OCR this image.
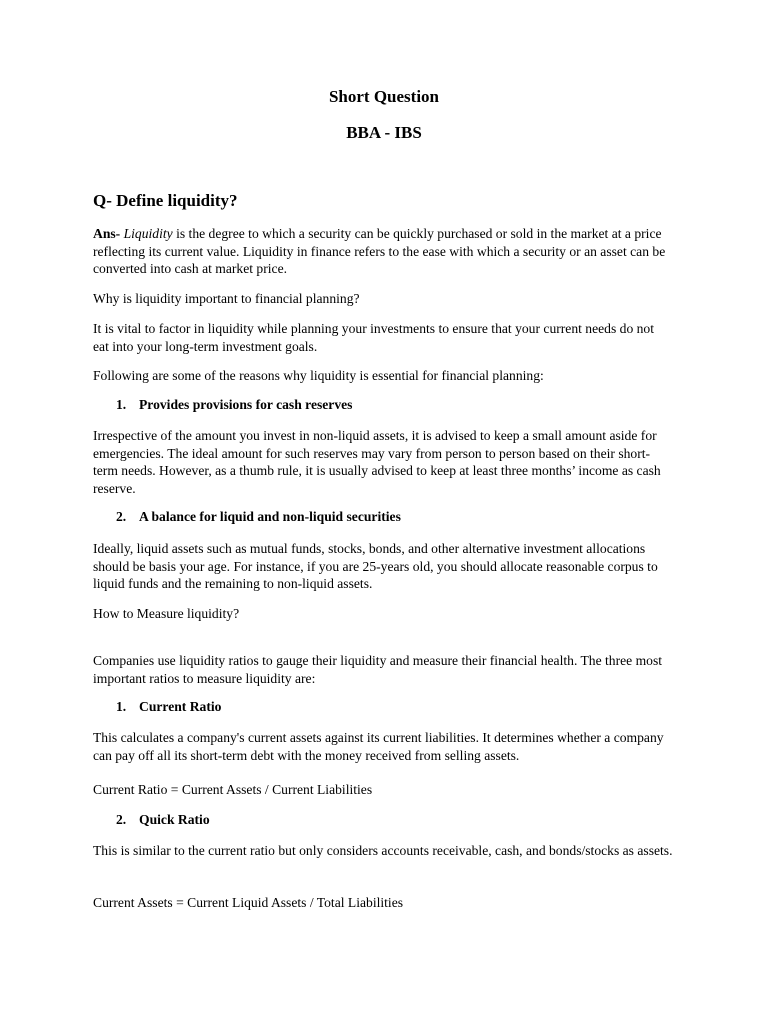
Short Question
BBA - IBS
Q- Define liquidity?

Ans- Liquidity is the degree to which a security can be quickly purchased or sold in the market at a price reflecting its current value. Liquidity in finance refers to the ease with which a security or an asset can be converted into cash at market price.

Why is liquidity important to financial planning?

It is vital to factor in liquidity while planning your investments to ensure that your current needs do not eat into your long-term investment goals.

Following are some of the reasons why liquidity is essential for financial planning:

1. Provides provisions for cash reserves

Irrespective of the amount you invest in non-liquid assets, it is advised to keep a small amount aside for emergencies. The ideal amount for such reserves may vary from person to person based on their short-term needs. However, as a thumb rule, it is usually advised to keep at least three months’ income as cash reserve.

2. A balance for liquid and non-liquid securities

Ideally, liquid assets such as mutual funds, stocks, bonds, and other alternative investment allocations should be basis your age. For instance, if you are 25-years old, you should allocate reasonable corpus to liquid funds and the remaining to non-liquid assets.

How to Measure liquidity?

Companies use liquidity ratios to gauge their liquidity and measure their financial health. The three most important ratios to measure liquidity are:

1. Current Ratio

This calculates a company's current assets against its current liabilities. It determines whether a company can pay off all its short-term debt with the money received from selling assets.

Current Ratio = Current Assets / Current Liabilities

2. Quick Ratio

This is similar to the current ratio but only considers accounts receivable, cash, and bonds/stocks as assets.

Current Assets = Current Liquid Assets / Total Liabilities
